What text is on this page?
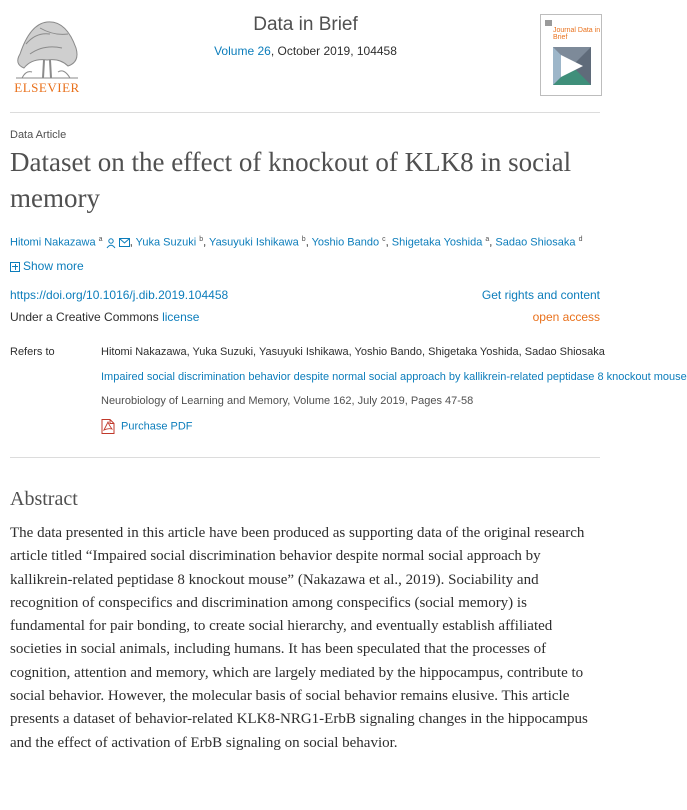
ELSEVIER
Data in Brief
Volume 26, October 2019, 104458
Journal Data in Brief
Data Article
Dataset on the effect of knockout of KLK8 in social memory
Hitomi Nakazawa $^a$ , Yuka Suzuki $^b$, Yasuyuki Ishikawa $^b$, Yoshio Bando $^c$, Shigetaka Yoshida $^a$, Sadao Shiosaka $^d$
Show more
https://doi.org/10.1016/j.dib.2019.104458	Get rights and content
Under a Creative Commons license	open access
Refers to	Hitomi Nakazawa, Yuka Suzuki, Yasuyuki Ishikawa, Yoshio Bando, Shigetaka Yoshida, Sadao Shiosaka
Impaired social discrimination behavior despite normal social approach by kallikrein-related peptidase 8 knockout mouse
Neurobiology of Learning and Memory, Volume 162, July 2019, Pages 47-58
Purchase PDF
Abstract

The data presented in this article have been produced as supporting data of the original research article titled “Impaired social discrimination behavior despite normal social approach by kallikrein-related peptidase 8 knockout mouse” (Nakazawa et al., 2019). Sociability and recognition of conspecifics and discrimination among conspecifics (social memory) is fundamental for pair bonding, to create social hierarchy, and eventually establish affiliated societies in social animals, including humans. It has been speculated that the processes of cognition, attention and memory, which are largely mediated by the hippocampus, contribute to social behavior. However, the molecular basis of social behavior remains elusive. This article presents a dataset of behavior-related KLK8-NRG1-ErbB signaling changes in the hippocampus and the effect of activation of ErbB signaling on social behavior.
